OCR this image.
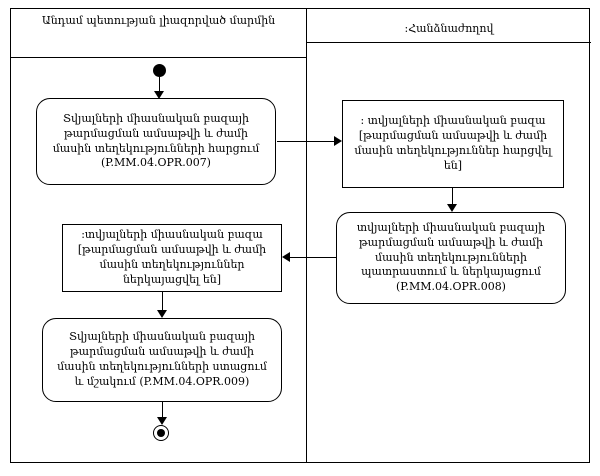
Անդամ պետության լիազորված մարմին
:Հանձնաժողով
Տվյալների միասնական բազայի թարմացման ամսաթվի և ժամի մասին տեղեկությունների հարցում (P.MM.04.OPR.007)
: տվյալների միասնական բազա [թարմացման ամսաթվի և ժամի մասին տեղեկություններ հարցվել են]
տվյալների միասնական բազայի թարմացման ամսաթվի և ժամի մասին տեղեկությունների պատրաստում և ներկայացում (P.MM.04.OPR.008)
:տվյալների միասնական բազա [թարմացման ամսաթվի և ժամի մասին տեղեկություններ ներկայացվել են]
Տվյալների միասնական բազայի թարմացման ամսաթվի և ժամի մասին տեղեկությունների ստացում և մշակում (P.MM.04.OPR.009)
